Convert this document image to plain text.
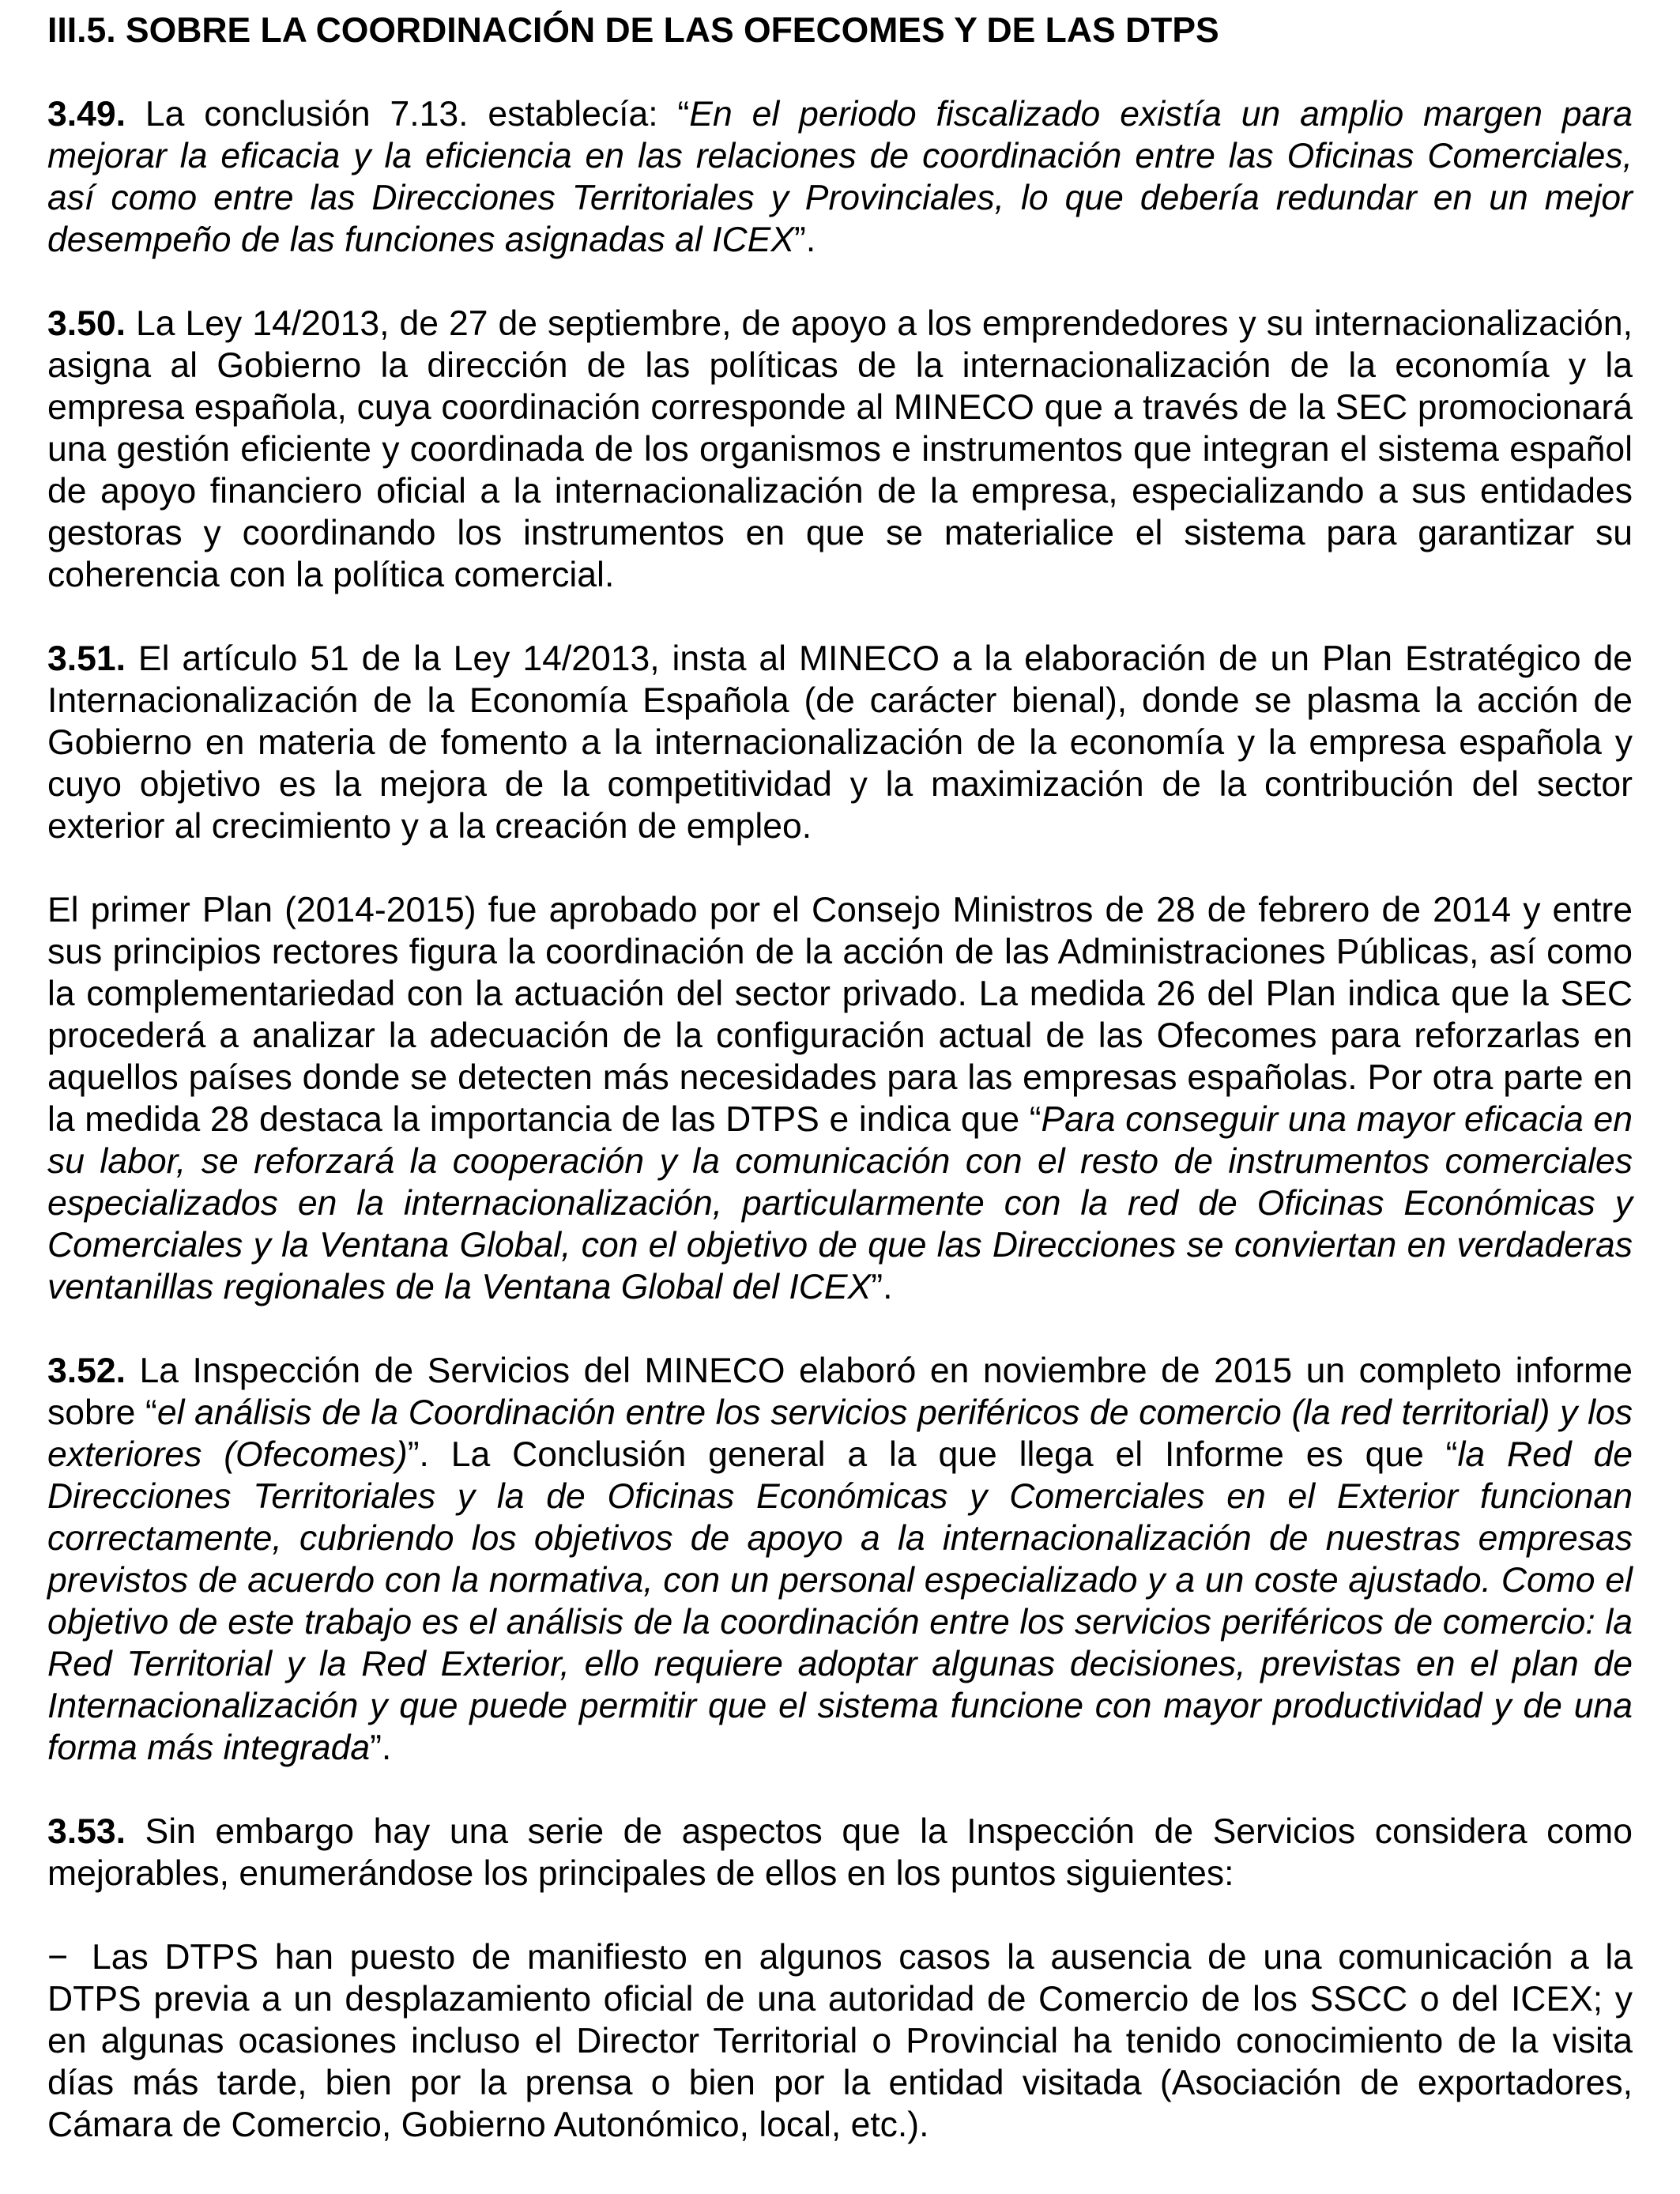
III.5. SOBRE LA COORDINACIÓN DE LAS OFECOMES Y DE LAS DTPS

3.49. La conclusión 7.13. establecía: “En el periodo fiscalizado existía un amplio margen para mejorar la eficacia y la eficiencia en las relaciones de coordinación entre las Oficinas Comerciales, así como entre las Direcciones Territoriales y Provinciales, lo que debería redundar en un mejor desempeño de las funciones asignadas al ICEX”.

3.50. La Ley 14/2013, de 27 de septiembre, de apoyo a los emprendedores y su internacionalización, asigna al Gobierno la dirección de las políticas de la internacionalización de la economía y la empresa española, cuya coordinación corresponde al MINECO que a través de la SEC promocionará una gestión eficiente y coordinada de los organismos e instrumentos que integran el sistema español de apoyo financiero oficial a la internacionalización de la empresa, especializando a sus entidades gestoras y coordinando los instrumentos en que se materialice el sistema para garantizar su coherencia con la política comercial.

3.51. El artículo 51 de la Ley 14/2013, insta al MINECO a la elaboración de un Plan Estratégico de Internacionalización de la Economía Española (de carácter bienal), donde se plasma la acción de Gobierno en materia de fomento a la internacionalización de la economía y la empresa española y cuyo objetivo es la mejora de la competitividad y la maximización de la contribución del sector exterior al crecimiento y a la creación de empleo.

El primer Plan (2014-2015) fue aprobado por el Consejo Ministros de 28 de febrero de 2014 y entre sus principios rectores figura la coordinación de la acción de las Administraciones Públicas, así como la complementariedad con la actuación del sector privado. La medida 26 del Plan indica que la SEC procederá a analizar la adecuación de la configuración actual de las Ofecomes para reforzarlas en aquellos países donde se detecten más necesidades para las empresas españolas. Por otra parte en la medida 28 destaca la importancia de las DTPS e indica que “Para conseguir una mayor eficacia en su labor, se reforzará la cooperación y la comunicación con el resto de instrumentos comerciales especializados en la internacionalización, particularmente con la red de Oficinas Económicas y Comerciales y la Ventana Global, con el objetivo de que las Direcciones se conviertan en verdaderas ventanillas regionales de la Ventana Global del ICEX”.

3.52. La Inspección de Servicios del MINECO elaboró en noviembre de 2015 un completo informe sobre “el análisis de la Coordinación entre los servicios periféricos de comercio (la red territorial) y los exteriores (Ofecomes)”. La Conclusión general a la que llega el Informe es que “la Red de Direcciones Territoriales y la de Oficinas Económicas y Comerciales en el Exterior funcionan correctamente, cubriendo los objetivos de apoyo a la internacionalización de nuestras empresas previstos de acuerdo con la normativa, con un personal especializado y a un coste ajustado. Como el objetivo de este trabajo es el análisis de la coordinación entre los servicios periféricos de comercio: la Red Territorial y la Red Exterior, ello requiere adoptar algunas decisiones, previstas en el plan de Internacionalización y que puede permitir que el sistema funcione con mayor productividad y de una forma más integrada”.

3.53. Sin embargo hay una serie de aspectos que la Inspección de Servicios considera como mejorables, enumerándose los principales de ellos en los puntos siguientes:

− Las DTPS han puesto de manifiesto en algunos casos la ausencia de una comunicación a la DTPS previa a un desplazamiento oficial de una autoridad de Comercio de los SSCC o del ICEX; y en algunas ocasiones incluso el Director Territorial o Provincial ha tenido conocimiento de la visita días más tarde, bien por la prensa o bien por la entidad visitada (Asociación de exportadores, Cámara de Comercio, Gobierno Autonómico, local, etc.).
